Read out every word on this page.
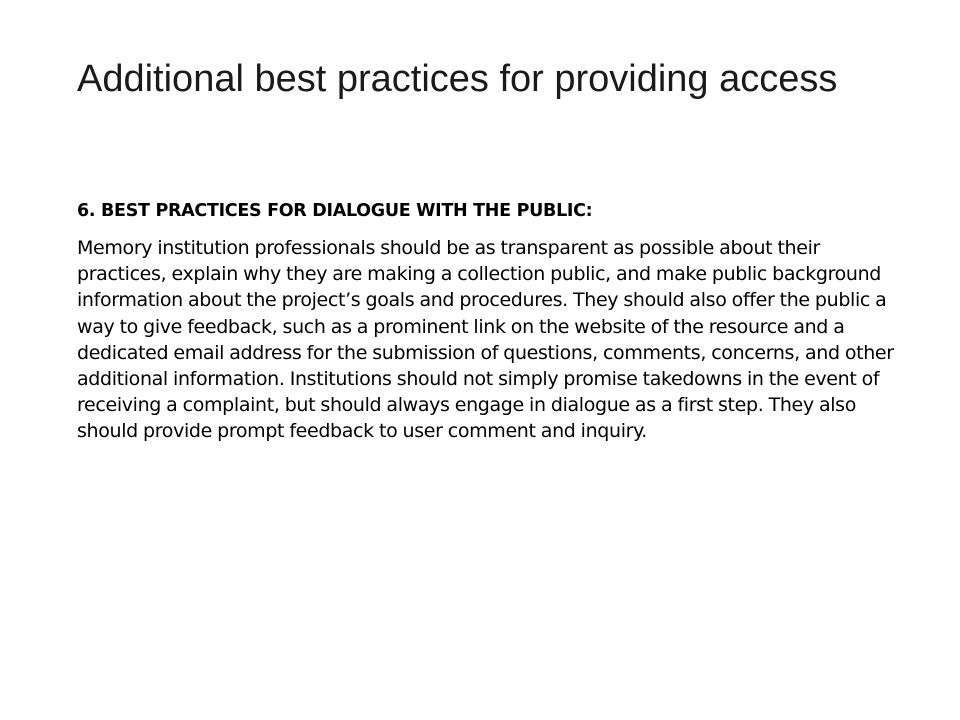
Additional best practices for providing access

6. BEST PRACTICES FOR DIALOGUE WITH THE PUBLIC:

Memory institution professionals should be as transparent as possible about their practices, explain why they are making a collection public, and make public background information about the project’s goals and procedures. They should also offer the public a way to give feedback, such as a prominent link on the website of the resource and a dedicated email address for the submission of questions, comments, concerns, and other additional information. Institutions should not simply promise takedowns in the event of receiving a complaint, but should always engage in dialogue as a first step. They also should provide prompt feedback to user comment and inquiry.
